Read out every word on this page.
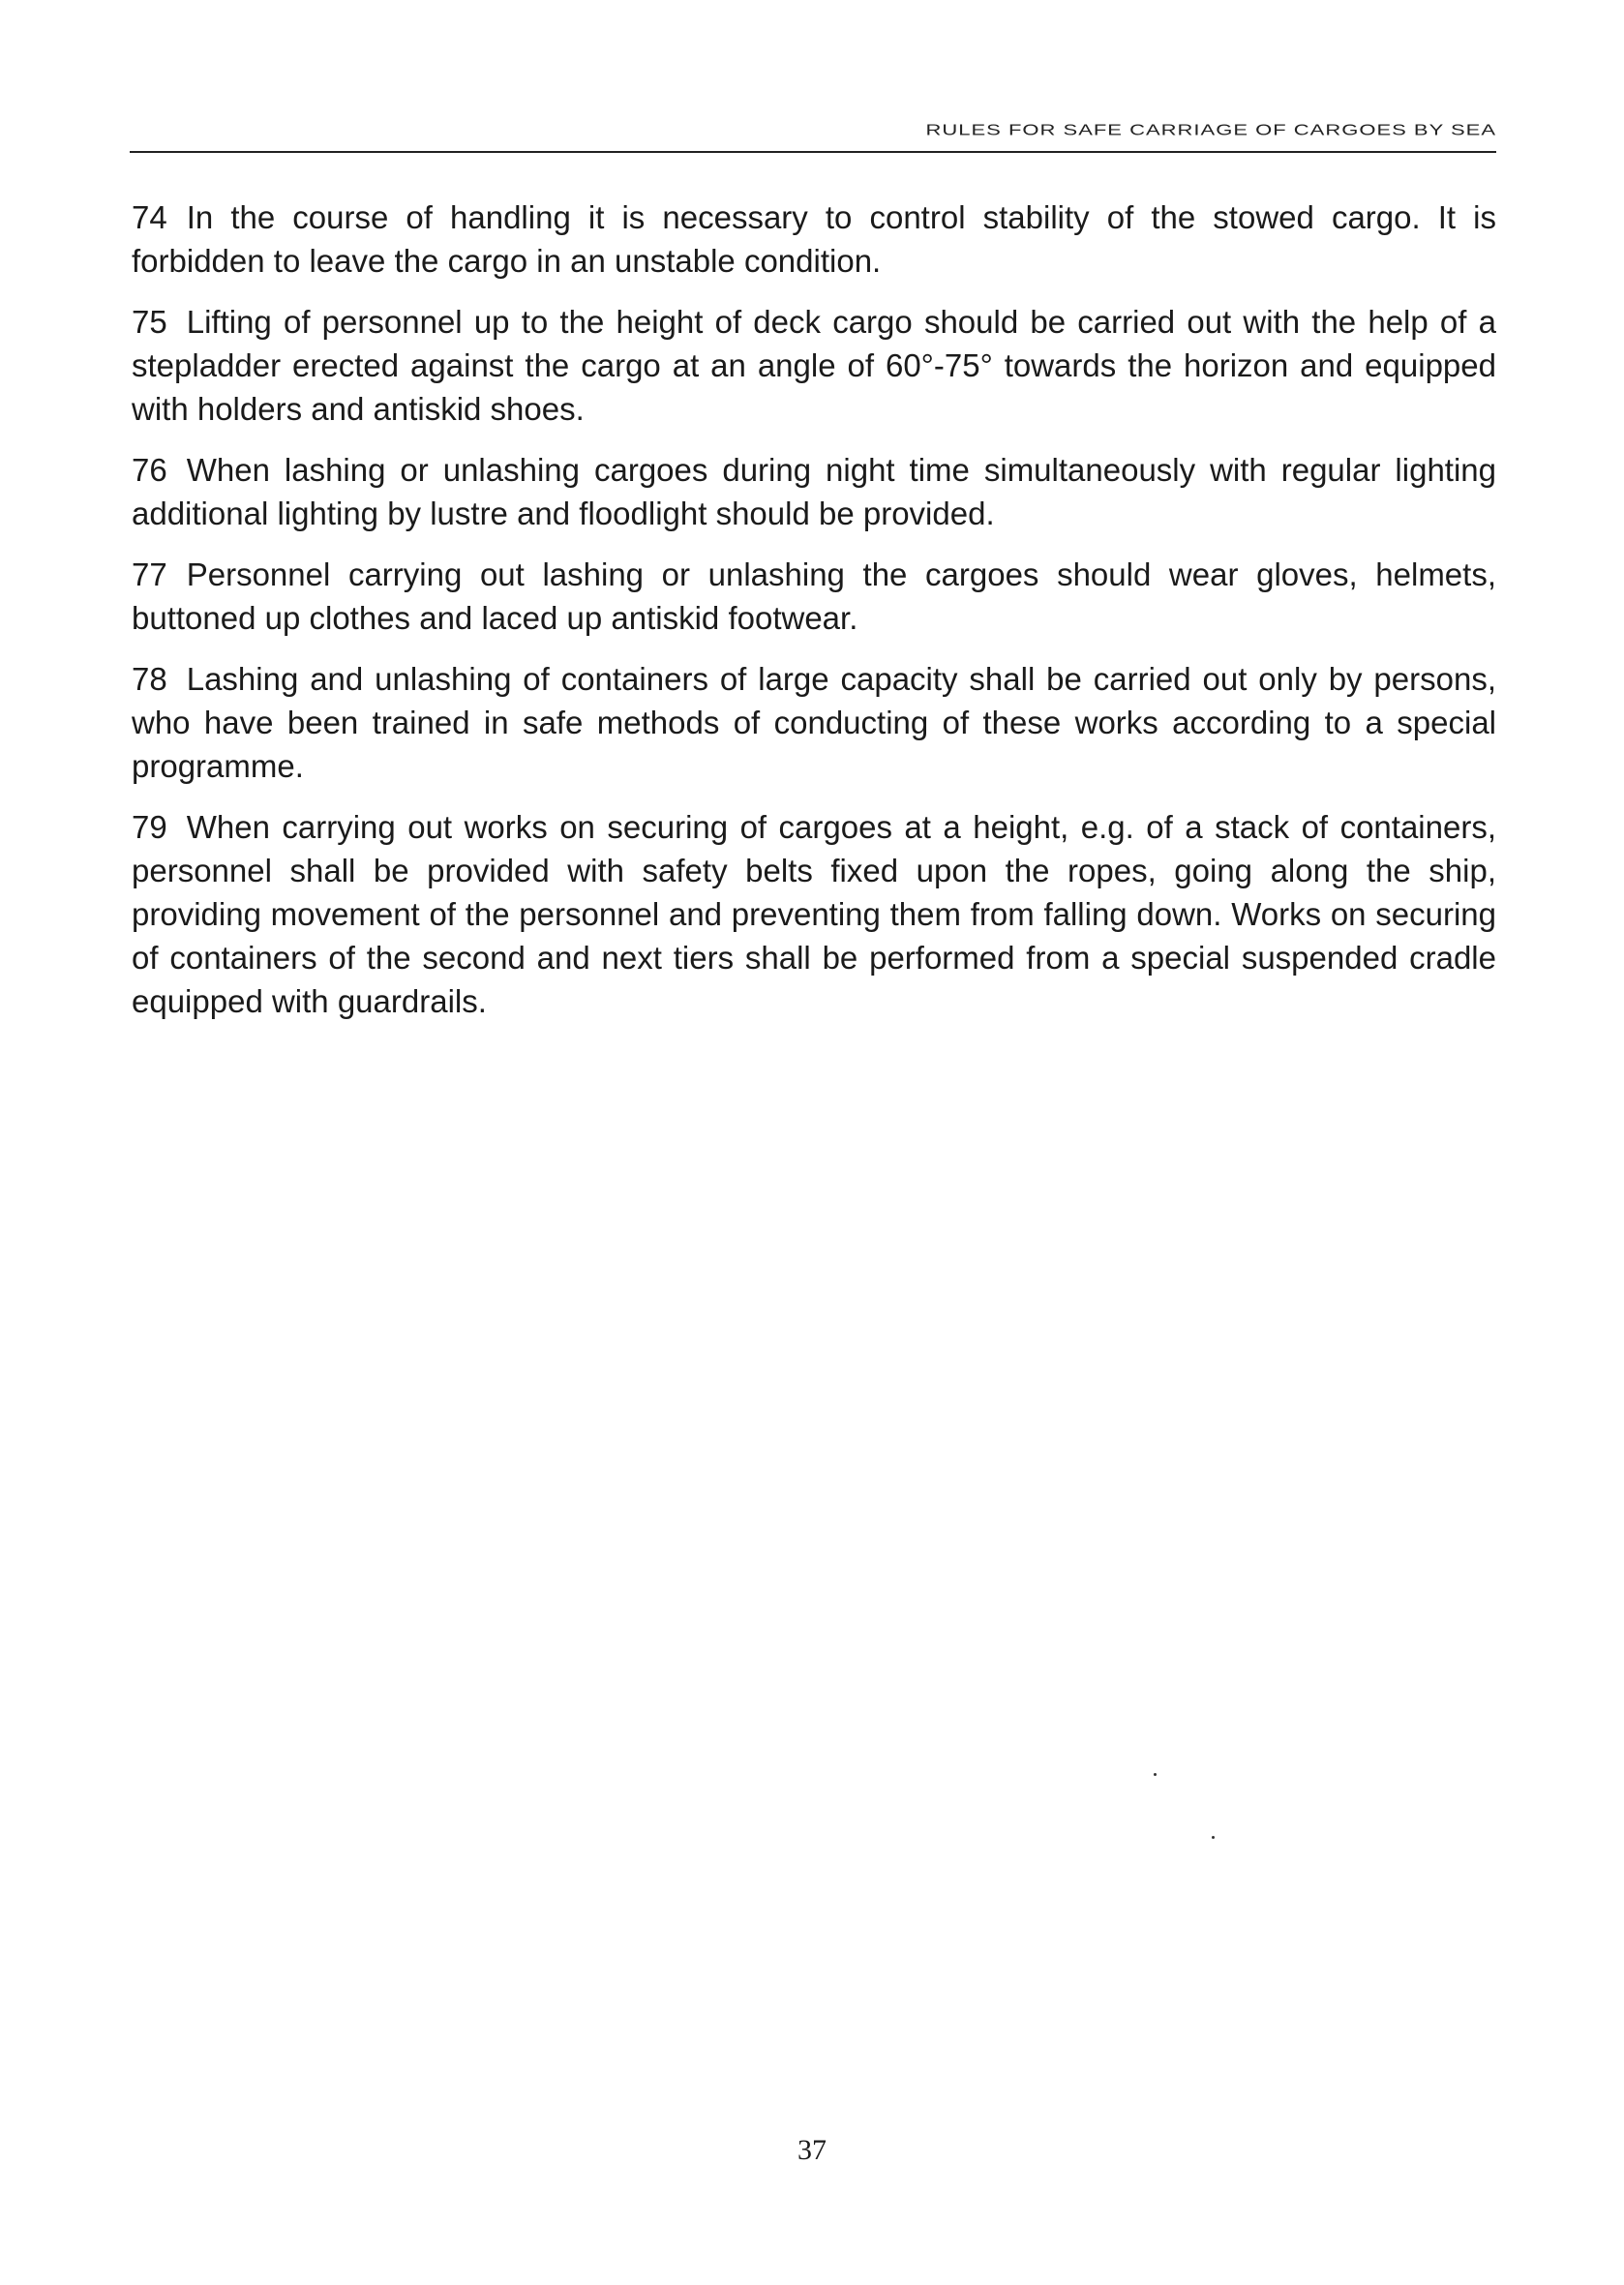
RULES FOR SAFE CARRIAGE OF CARGOES BY SEA

74 In the course of handling it is necessary to control stability of the stowed cargo. It is forbidden to leave the cargo in an unstable condition.

75 Lifting of personnel up to the height of deck cargo should be carried out with the help of a stepladder erected against the cargo at an angle of 60°-75° towards the horizon and equipped with holders and antiskid shoes.

76 When lashing or unlashing cargoes during night time simultaneously with regular lighting additional lighting by lustre and floodlight should be provided.

77 Personnel carrying out lashing or unlashing the cargoes should wear gloves, helmets, buttoned up clothes and laced up antiskid footwear.

78 Lashing and unlashing of containers of large capacity shall be carried out only by persons, who have been trained in safe methods of conducting of these works according to a special programme.

79 When carrying out works on securing of cargoes at a height, e.g. of a stack of containers, personnel shall be provided with safety belts fixed upon the ropes, going along the ship, providing movement of the personnel and preventing them from falling down. Works on securing of containers of the second and next tiers shall be performed from a special suspended cradle equipped with guardrails.

37
